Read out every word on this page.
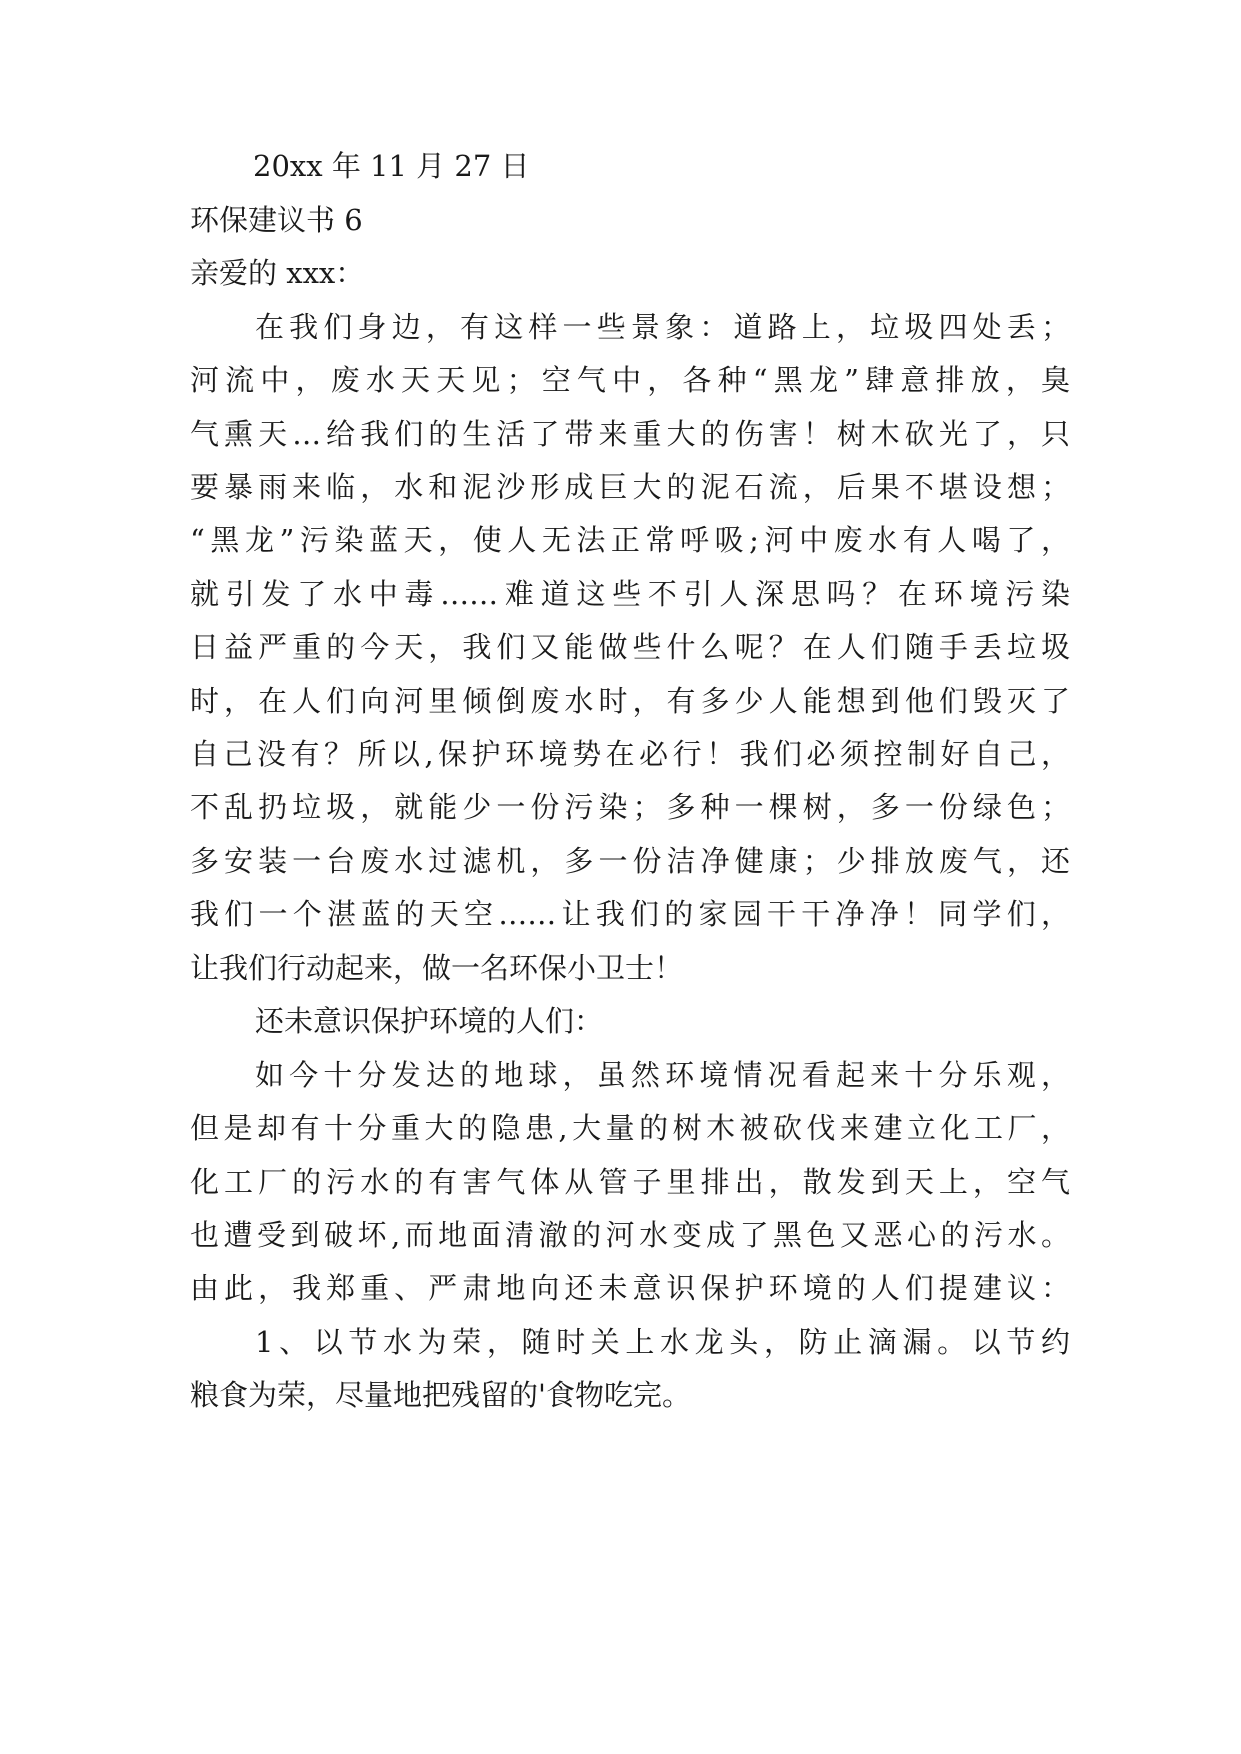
20xx 年 11 月 27 日
环保建议书 6
亲爱的 xxx：
在我们身边，有这样一些景象：道路上，垃圾四处丢；
河流中，废水天天见；空气中，各种“黑龙”肆意排放，臭
气熏天…给我们的生活了带来重大的伤害！树木砍光了，只
要暴雨来临，水和泥沙形成巨大的泥石流，后果不堪设想；
“黑龙”污染蓝天，使人无法正常呼吸;河中废水有人喝了，
就引发了水中毒……难道这些不引人深思吗？在环境污染
日益严重的今天，我们又能做些什么呢？在人们随手丢垃圾
时，在人们向河里倾倒废水时，有多少人能想到他们毁灭了
自己没有？所以,保护环境势在必行！我们必须控制好自己，
不乱扔垃圾，就能少一份污染；多种一棵树，多一份绿色；
多安装一台废水过滤机，多一份洁净健康；少排放废气，还
我们一个湛蓝的天空……让我们的家园干干净净！同学们，
让我们行动起来，做一名环保小卫士！
还未意识保护环境的人们：
如今十分发达的地球，虽然环境情况看起来十分乐观，
但是却有十分重大的隐患,大量的树木被砍伐来建立化工厂，
化工厂的污水的有害气体从管子里排出，散发到天上，空气
也遭受到破坏,而地面清澈的河水变成了黑色又恶心的污水。
由此，我郑重、严肃地向还未意识保护环境的人们提建议：
1、以节水为荣，随时关上水龙头，防止滴漏。以节约
粮食为荣，尽量地把残留的'食物吃完。
